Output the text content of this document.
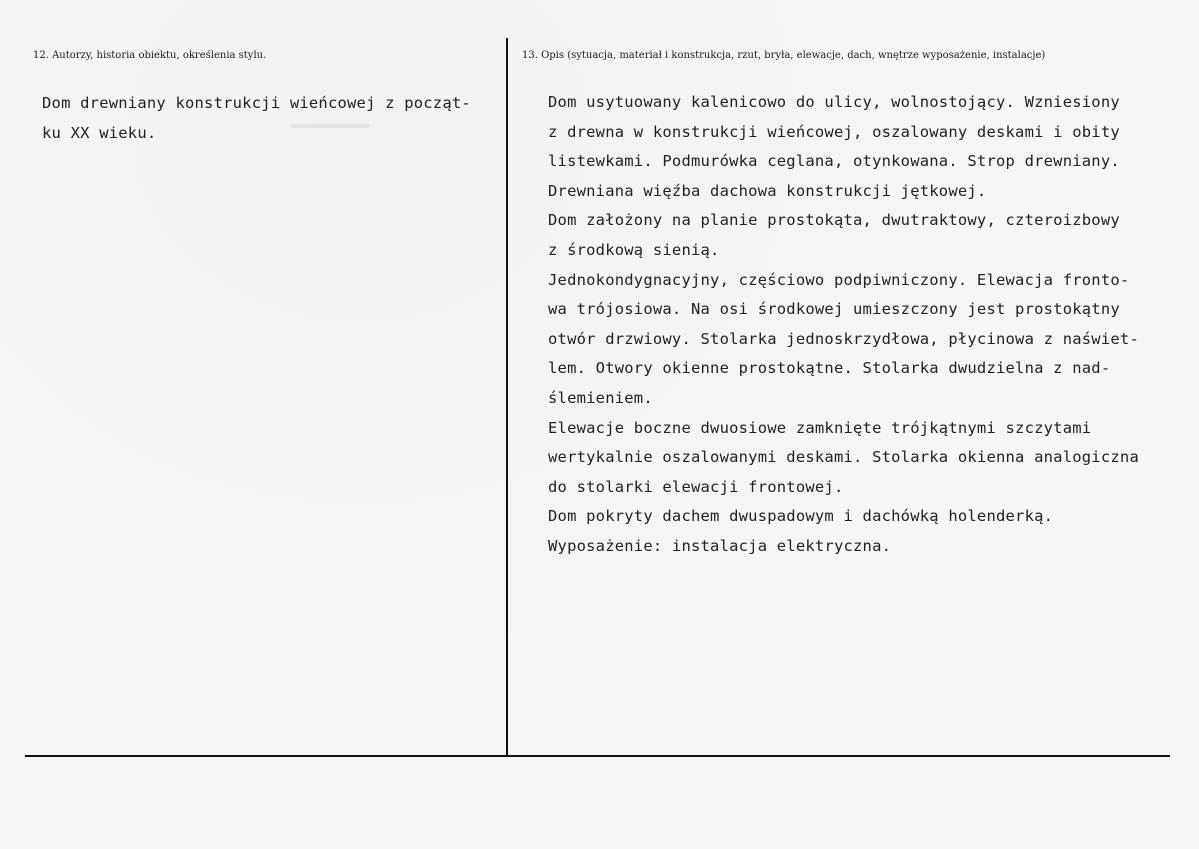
12. Autorzy, historia obiektu, określenia stylu.	13. Opis (sytuacja, materiał i konstrukcja, rzut, bryła, elewacje, dach, wnętrze wyposażenie, instalacje)
Dom drewniany konstrukcji wieńcowej z począt-
ku XX wieku.
Dom usytuowany kalenicowo do ulicy, wolnostojący. Wzniesiony
z drewna w konstrukcji wieńcowej, oszalowany deskami i obity
listewkami. Podmurówka ceglana, otynkowana. Strop drewniany.
Drewniana więźba dachowa konstrukcji jętkowej.
Dom założony na planie prostokąta, dwutraktowy, czteroizbowy
z środkową sienią.
Jednokondygnacyjny, częściowo podpiwniczony. Elewacja fronto-
wa trójosiowa. Na osi środkowej umieszczony jest prostokątny
otwór drzwiowy. Stolarka jednoskrzydłowa, płycinowa z naświet-
lem. Otwory okienne prostokątne. Stolarka dwudzielna z nad-
ślemieniem.
Elewacje boczne dwuosiowe zamknięte trójkątnymi szczytami
wertykalnie oszalowanymi deskami. Stolarka okienna analogiczna
do stolarki elewacji frontowej.
Dom pokryty dachem dwuspadowym i dachówką holenderką.
Wyposażenie: instalacja elektryczna.
